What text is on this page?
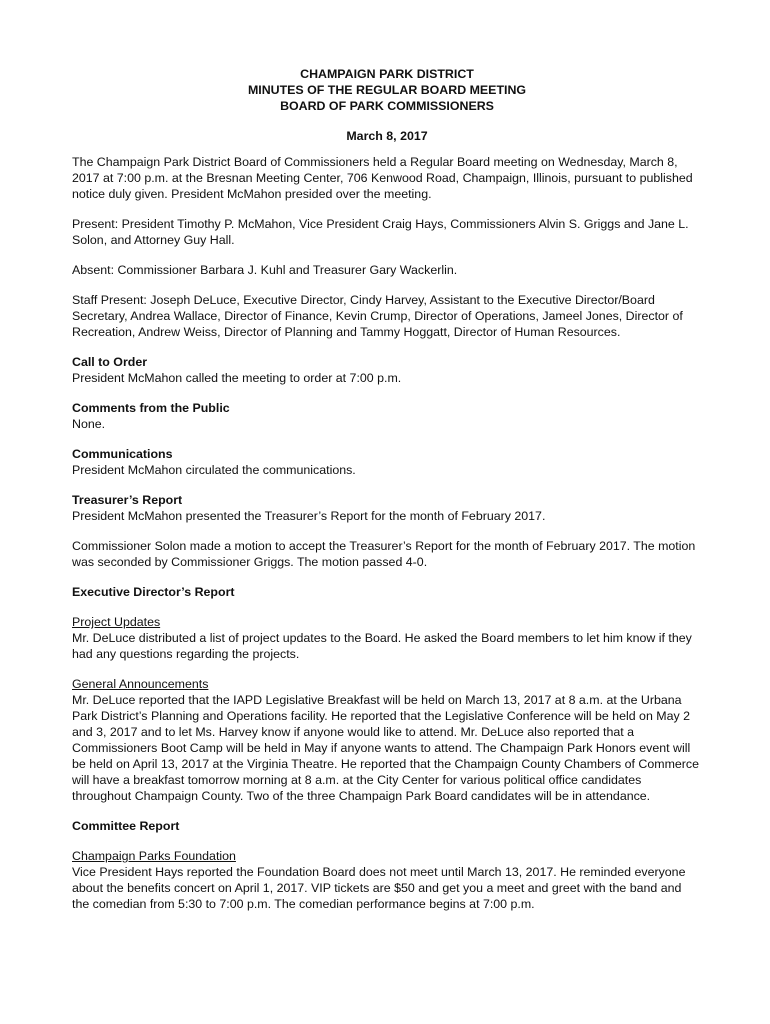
CHAMPAIGN PARK DISTRICT
MINUTES OF THE REGULAR BOARD MEETING
BOARD OF PARK COMMISSIONERS
March 8, 2017

The Champaign Park District Board of Commissioners held a Regular Board meeting on Wednesday, March 8, 2017 at 7:00 p.m. at the Bresnan Meeting Center, 706 Kenwood Road, Champaign, Illinois, pursuant to published notice duly given. President McMahon presided over the meeting.

Present: President Timothy P. McMahon, Vice President Craig Hays, Commissioners Alvin S. Griggs and Jane L. Solon, and Attorney Guy Hall.

Absent: Commissioner Barbara J. Kuhl and Treasurer Gary Wackerlin.

Staff Present: Joseph DeLuce, Executive Director, Cindy Harvey, Assistant to the Executive Director/Board Secretary, Andrea Wallace, Director of Finance, Kevin Crump, Director of Operations, Jameel Jones, Director of Recreation, Andrew Weiss, Director of Planning and Tammy Hoggatt, Director of Human Resources.

Call to Order
President McMahon called the meeting to order at 7:00 p.m.
Comments from the Public
None.
Communications
President McMahon circulated the communications.
Treasurer’s Report
President McMahon presented the Treasurer’s Report for the month of February 2017.

Commissioner Solon made a motion to accept the Treasurer’s Report for the month of February 2017. The motion was seconded by Commissioner Griggs. The motion passed 4-0.

Executive Director’s Report
Project Updates
Mr. DeLuce distributed a list of project updates to the Board. He asked the Board members to let him know if they had any questions regarding the projects.
General Announcements
Mr. DeLuce reported that the IAPD Legislative Breakfast will be held on March 13, 2017 at 8 a.m. at the Urbana Park District’s Planning and Operations facility. He reported that the Legislative Conference will be held on May 2 and 3, 2017 and to let Ms. Harvey know if anyone would like to attend. Mr. DeLuce also reported that a Commissioners Boot Camp will be held in May if anyone wants to attend. The Champaign Park Honors event will be held on April 13, 2017 at the Virginia Theatre. He reported that the Champaign County Chambers of Commerce will have a breakfast tomorrow morning at 8 a.m. at the City Center for various political office candidates throughout Champaign County. Two of the three Champaign Park Board candidates will be in attendance.
Committee Report
Champaign Parks Foundation
Vice President Hays reported the Foundation Board does not meet until March 13, 2017. He reminded everyone about the benefits concert on April 1, 2017. VIP tickets are $50 and get you a meet and greet with the band and the comedian from 5:30 to 7:00 p.m. The comedian performance begins at 7:00 p.m.
